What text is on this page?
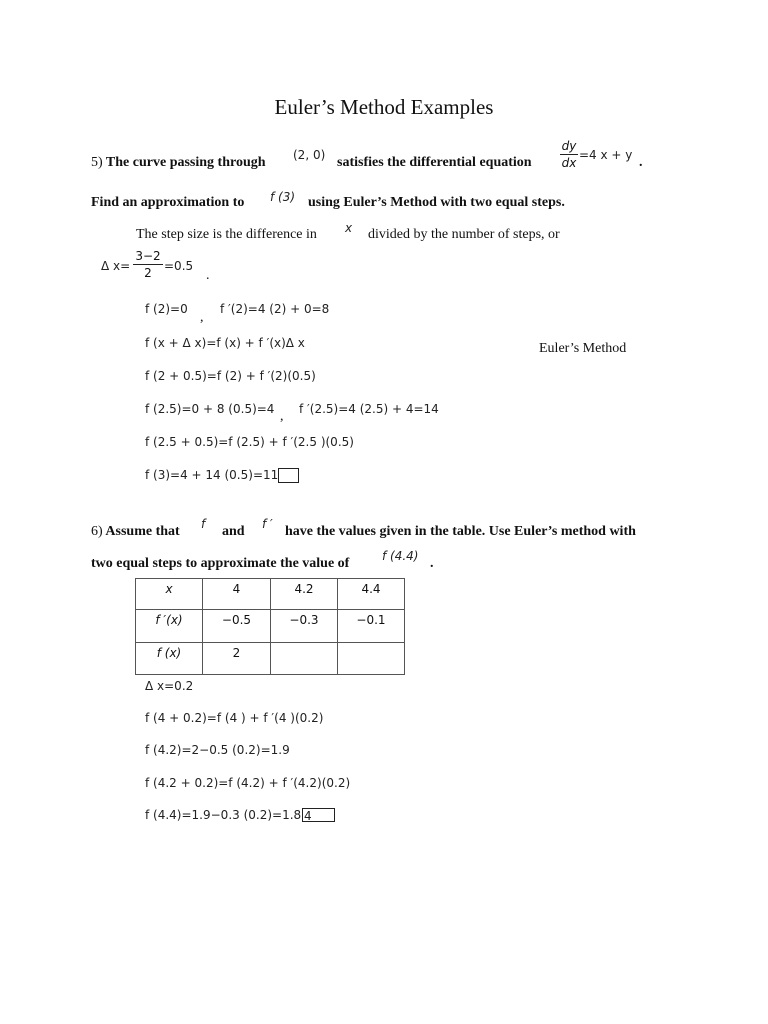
Euler’s Method Examples
5) The curve passing through (2, 0) satisfies the differential equation
dy
dx
=4 x + y .
Find an approximation to f (3) using Euler’s Method with two equal steps.
The step size is the difference in x divided by the number of steps, or
Δ x=
3−2
2	=0.5
.
f (2)=0
,
f ′(2)=4 (2) + 0=8
f (x + Δ x)=f (x) + f ′(x)Δ x	Euler’s Method
f (2 + 0.5)=f (2) + f ′(2)(0.5)
f (2.5)=0 + 8 (0.5)=4 , f ′(2.5)=4 (2.5) + 4=14
f (2.5 + 0.5)=f (2.5) + f ′(2.5 )(0.5)
f (3)=4 + 14 (0.5)=11
6) Assume that f and f ′ have the values given in the table. Use Euler’s method with
two equal steps to approximate the value of	f (4.4) .
x	4	4.2	4.4
f ′(x)	−0.5	−0.3	−0.1
f (x)	2		
Δ x=0.2
f (4 + 0.2)=f (4 ) + f ′(4 )(0.2)
f (4.2)=2−0.5 (0.2)=1.9
f (4.2 + 0.2)=f (4.2) + f ′(4.2)(0.2)
f (4.4)=1.9−0.3 (0.2)=1.8 4
